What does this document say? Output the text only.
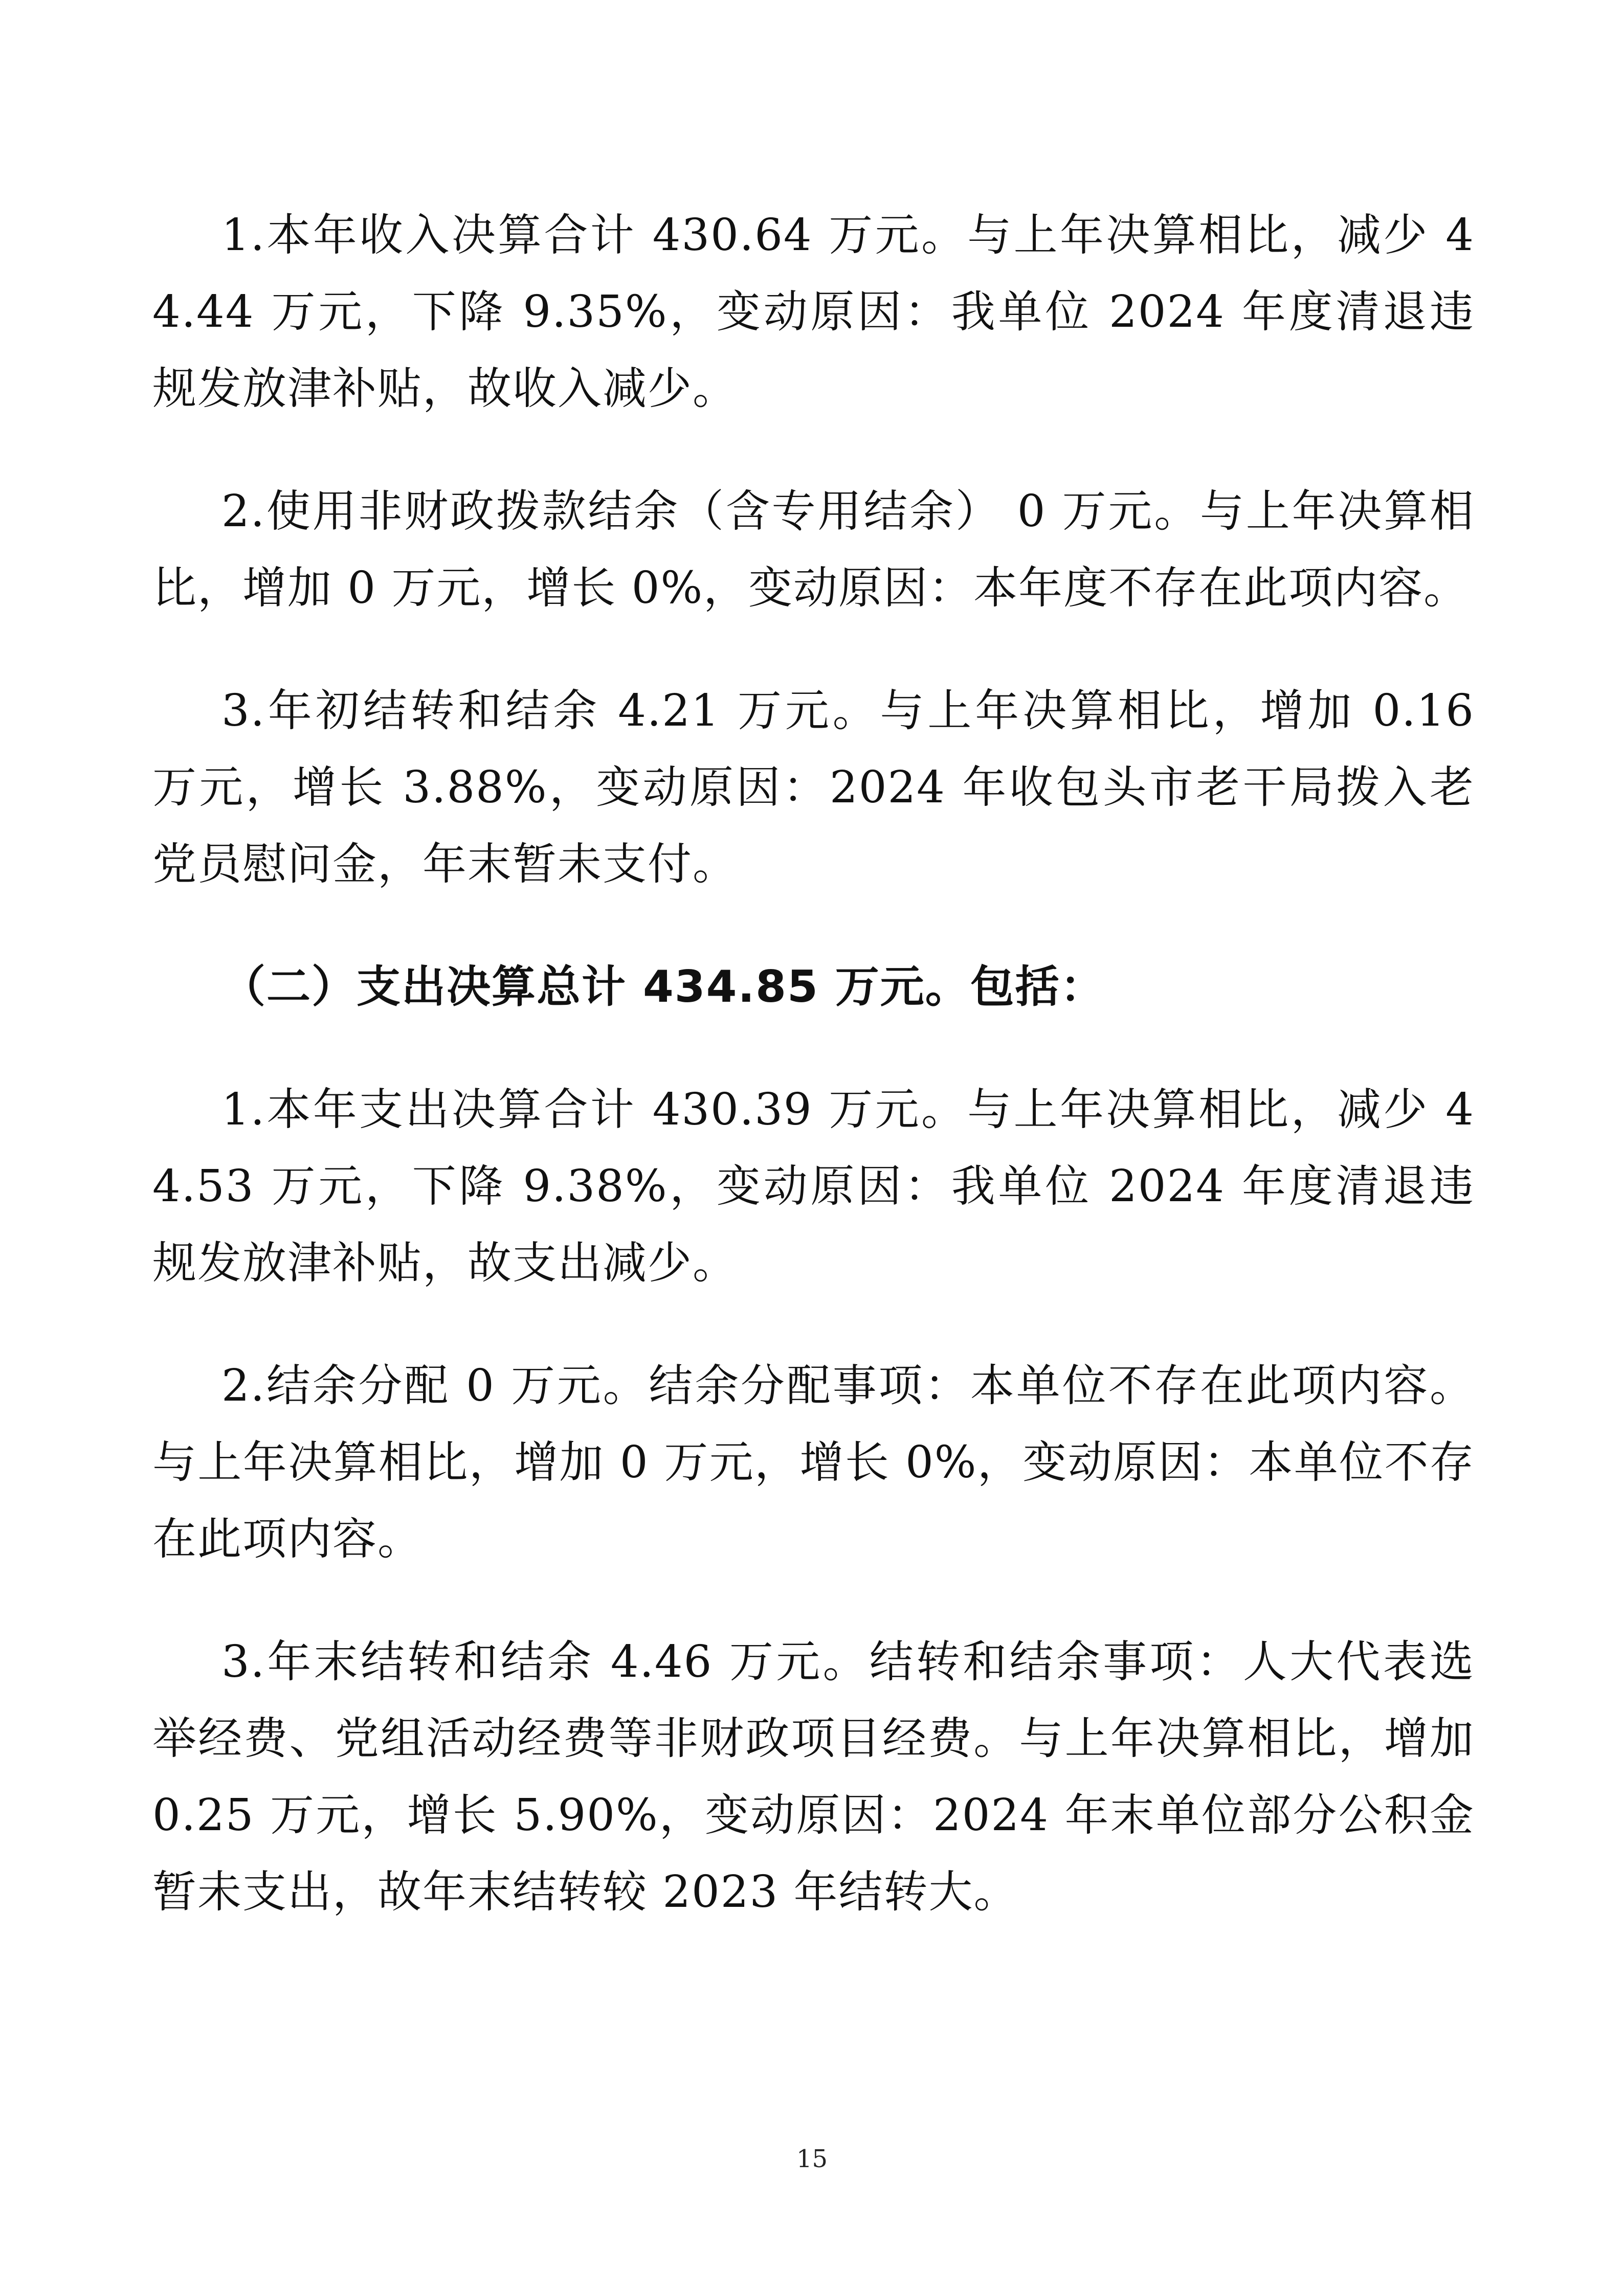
1.本年收入决算合计 430.64 万元。与上年决算相比，减少 44.44 万元，下降 9.35%，变动原因：我单位 2024 年度清退违规发放津补贴，故收入减少。

2.使用非财政拨款结余（含专用结余） 0 万元。与上年决算相比，增加 0 万元，增长 0%，变动原因：本年度不存在此项内容。

3.年初结转和结余 4.21 万元。与上年决算相比，增加 0.16 万元，增长 3.88%，变动原因：2024 年收包头市老干局拨入老党员慰问金，年末暂未支付。

（二）支出决算总计 434.85 万元。包括：

1.本年支出决算合计 430.39 万元。与上年决算相比，减少 44.53 万元，下降 9.38%，变动原因：我单位 2024 年度清退违规发放津补贴，故支出减少。

2.结余分配 0 万元。结余分配事项：本单位不存在此项内容。与上年决算相比，增加 0 万元，增长 0%，变动原因：本单位不存在此项内容。

3.年末结转和结余 4.46 万元。结转和结余事项：人大代表选举经费、党组活动经费等非财政项目经费。与上年决算相比，增加 0.25 万元，增长 5.90%，变动原因：2024 年末单位部分公积金暂未支出，故年末结转较 2023 年结转大。

15
